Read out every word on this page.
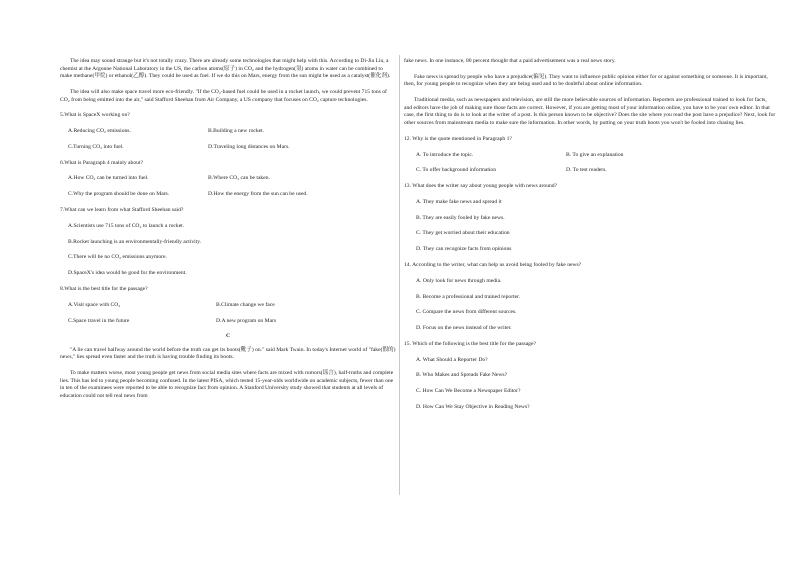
The idea may sound strange but it's not totally crazy. There are already some technologies that might help with this. According to Di-Jia Liu, a chemist at the Argonne National Laboratory in the US, the carbon atoms(原子) in CO₂ and the hydrogen(氢) atoms in water can be combined to make methane(甲烷) or ethanol(乙醇). They could be used as fuel. If we do this on Mars, energy from the sun might be used as a catalyst(催化剂).

The idea will also make space travel more eco-friendly. "If the CO₂-based fuel could be used in a rocket launch, we could prevent 715 tons of CO₂ from being emitted into the air," said Stafford Sheehan from Air Company, a US company that focuses on CO₂ capture technologies.

5.What is SpaceX working on?
A.Reducing CO₂ emissions.	B.Building a new rocket.
C.Turning CO₂ into fuel.	D.Traveling long distances on Mars.
6.What is Paragraph 4 mainly about?
A.How CO₂ can be turned into fuel.	B.Where CO₂ can be taken.
C.Why the program should be done on Mars.	D.How the energy from the sun can be used.
7.What can we learn from what Stafford Sheehan said?
A.Scientists use 715 tons of CO₂ to launch a rocket.
B.Rocket launching is an environmentally-friendly activity.
C.There will be no CO₂ emissions anymore.
D.SpaceX's idea would be good for the environment.
8.What is the best title for the passage?
A.Visit space with CO₂	B.Climate change we face
C.Space travel in the future	D.A new program on Mars
C

"A lie can travel halfway around the world before the truth can get its boots(靴子) on." said Mark Twain. In today's Internet world of "fake(假的) news," lies spread even faster and the truth is having trouble finding its boots.

To make matters worse, most young people get news from social media sites where facts are mixed with rumors(谣言), half-truths and complete lies. This has led to young people becoming confused. In the latest PISA, which tested 15-year-olds worldwide on academic subjects, fewer than one in ten of the examinees were reported to be able to recognize fact from opinion. A Stanford University study showed that students at all levels of education could not tell real news from

fake news. In one instance, 80 percent thought that a paid advertisement was a real news story.

Fake news is spread by people who have a prejudice(偏见). They want to influence public opinion either for or against something or someone. It is important, then, for young people to recognize when they are being used and to be doubtful about online information.

Traditional media, such as newspapers and television, are still the more believable sources of information. Reporters are professional trained to look for facts, and editors have the job of making sure those facts are correct. However, if you are getting most of your information online, you have to be your own editor. In that case, the first thing to do is to look at the writer of a post. Is this person known to be objective? Does the site where you read the post have a prejudice? Next, look for other sources from mainstream media to make sure the information. In other words, by putting on your truth boots you won't be fooled into chasing lies.

12. Why is the quote mentioned in Paragraph 1?
A. To introduce the topic.	B. To give an explanation
C. To offer background information	D. To test readers.
13. What does the writer say about young people with news around?
A. They make fake news and spread it
B. They are easily fooled by fake news.
C. They get worried about their education
D. They can recognize facts from opinions
14. According to the writer, what can help us avoid being fooled by fake news?
A. Only look for news through media.
B. Become a professional and trained reporter.
C. Compare the news from different sources.
D. Focus on the news instead of the writer.
15. Which of the following is the best title for the passage?
A. What Should a Reporter Do?
B. Who Makes and Spreads Fake News?
C. How Can We Become a Newspaper Editor?
D. How Can We Stay Objective in Reading News?
